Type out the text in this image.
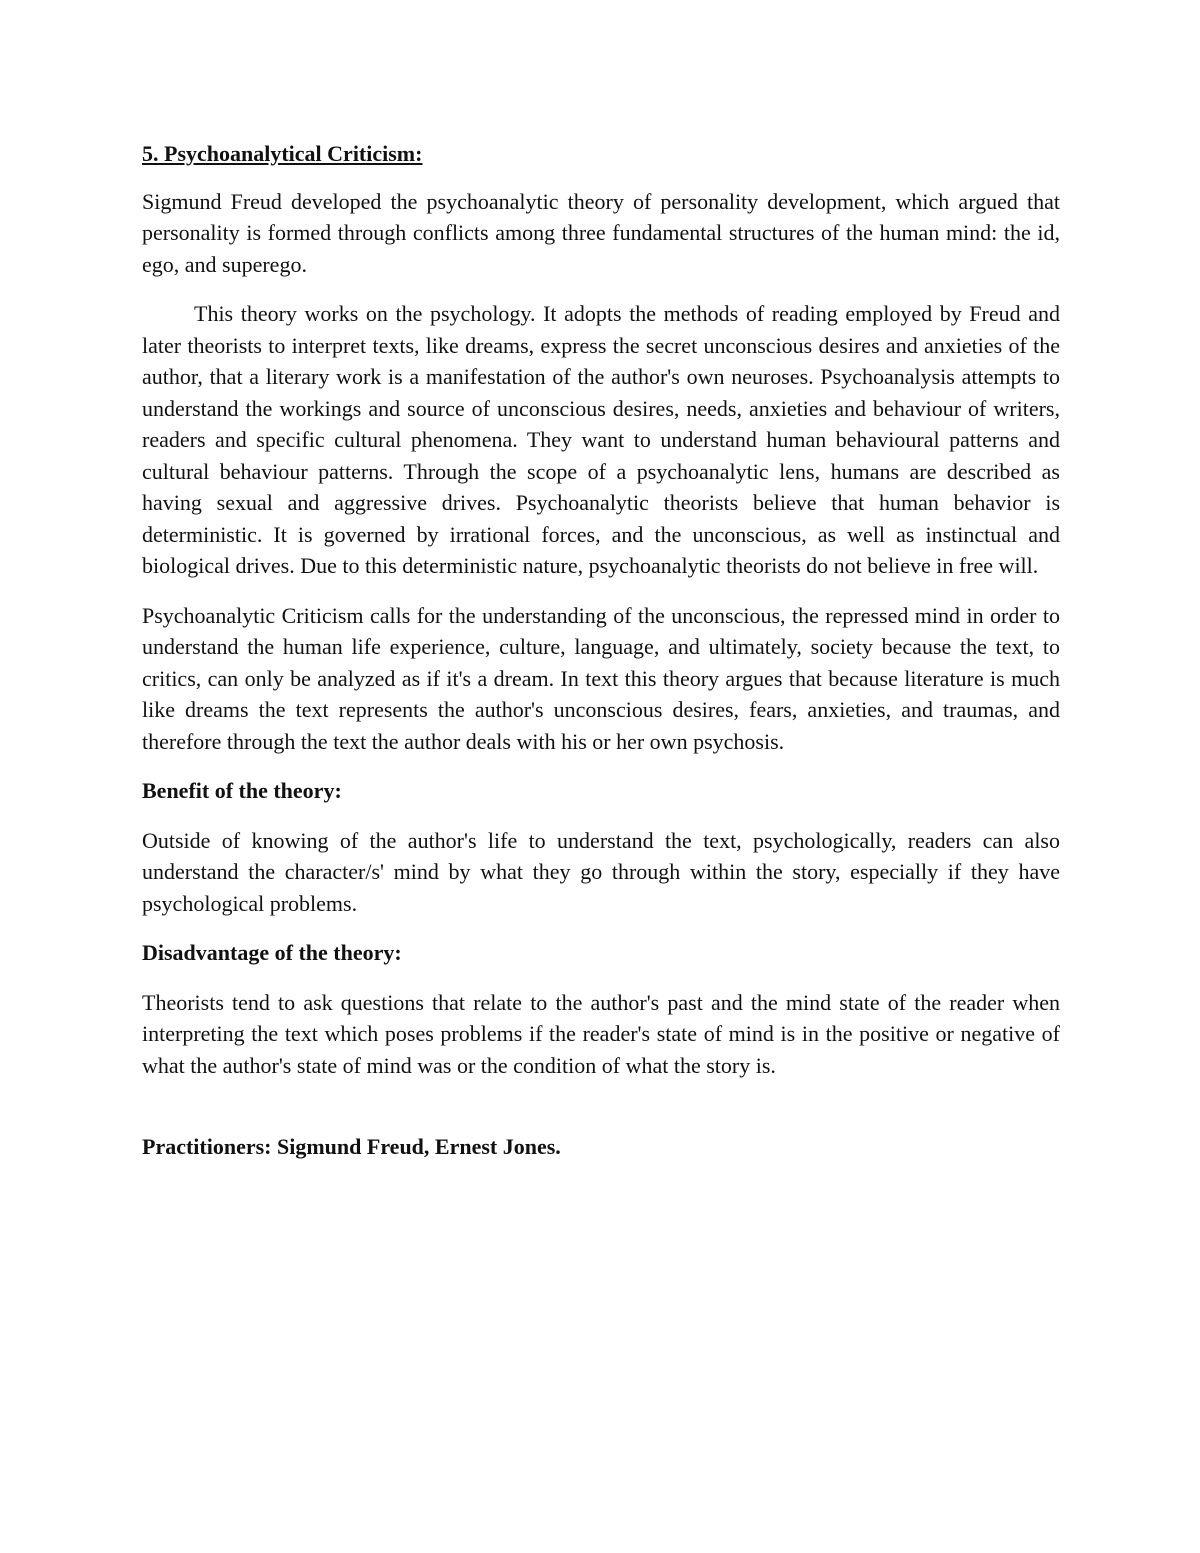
5. Psychoanalytical Criticism:

Sigmund Freud developed the psychoanalytic theory of personality development, which argued that personality is formed through conflicts among three fundamental structures of the human mind: the id, ego, and superego.

This theory works on the psychology. It adopts the methods of reading employed by Freud and later theorists to interpret texts, like dreams, express the secret unconscious desires and anxieties of the author, that a literary work is a manifestation of the author's own neuroses. Psychoanalysis attempts to understand the workings and source of unconscious desires, needs, anxieties and behaviour of writers, readers and specific cultural phenomena. They want to understand human behavioural patterns and cultural behaviour patterns. Through the scope of a psychoanalytic lens, humans are described as having sexual and aggressive drives. Psychoanalytic theorists believe that human behavior is deterministic. It is governed by irrational forces, and the unconscious, as well as instinctual and biological drives. Due to this deterministic nature, psychoanalytic theorists do not believe in free will.

Psychoanalytic Criticism calls for the understanding of the unconscious, the repressed mind in order to understand the human life experience, culture, language, and ultimately, society because the text, to critics, can only be analyzed as if it's a dream. In text this theory argues that because literature is much like dreams the text represents the author's unconscious desires, fears, anxieties, and traumas, and therefore through the text the author deals with his or her own psychosis.

Benefit of the theory:

Outside of knowing of the author's life to understand the text, psychologically, readers can also understand the character/s' mind by what they go through within the story, especially if they have psychological problems.

Disadvantage of the theory:

Theorists tend to ask questions that relate to the author's past and the mind state of the reader when interpreting the text which poses problems if the reader's state of mind is in the positive or negative of what the author's state of mind was or the condition of what the story is.

Practitioners: Sigmund Freud, Ernest Jones.
